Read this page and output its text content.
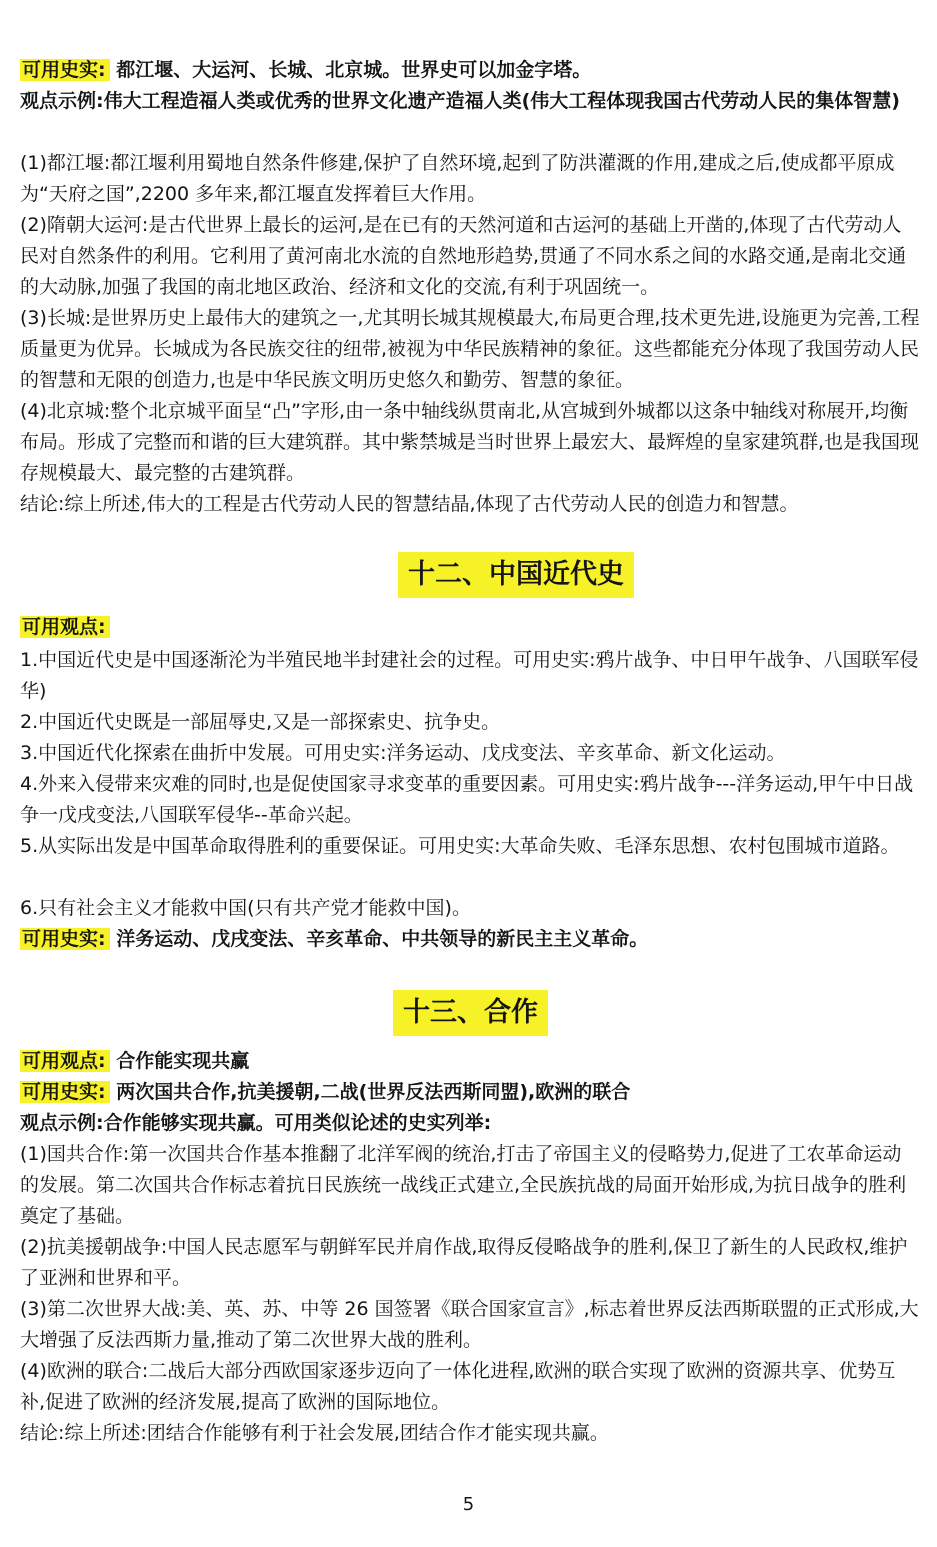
可用史实: 都江堰、大运河、长城、北京城。世界史可以加金字塔。

观点示例:伟大工程造福人类或优秀的世界文化遗产造福人类(伟大工程体现我国古代劳动人民的集体智慧)

(1)都江堰:都江堰利用蜀地自然条件修建,保护了自然环境,起到了防洪灌溉的作用,建成之后,使成都平原成为“天府之国”,2200 多年来,都江堰直发挥着巨大作用。

(2)隋朝大运河:是古代世界上最长的运河,是在已有的天然河道和古运河的基础上开凿的,体现了古代劳动人民对自然条件的利用。它利用了黄河南北水流的自然地形趋势,贯通了不同水系之间的水路交通,是南北交通的大动脉,加强了我国的南北地区政治、经济和文化的交流,有利于巩固统一。

(3)长城:是世界历史上最伟大的建筑之一,尤其明长城其规模最大,布局更合理,技术更先进,设施更为完善,工程质量更为优异。长城成为各民族交往的纽带,被视为中华民族精神的象征。这些都能充分体现了我国劳动人民的智慧和无限的创造力,也是中华民族文明历史悠久和勤劳、智慧的象征。

(4)北京城:整个北京城平面呈“凸”字形,由一条中轴线纵贯南北,从宫城到外城都以这条中轴线对称展开,均衡布局。形成了完整而和谐的巨大建筑群。其中紫禁城是当时世界上最宏大、最辉煌的皇家建筑群,也是我国现存规模最大、最完整的古建筑群。

结论:综上所述,伟大的工程是古代劳动人民的智慧结晶,体现了古代劳动人民的创造力和智慧。

十二、中国近代史

可用观点:

1.中国近代史是中国逐渐沦为半殖民地半封建社会的过程。可用史实:鸦片战争、中日甲午战争、八国联军侵华)

2.中国近代史既是一部屈辱史,又是一部探索史、抗争史。

3.中国近代化探索在曲折中发展。可用史实:洋务运动、戊戌变法、辛亥革命、新文化运动。

4.外来入侵带来灾难的同时,也是促使国家寻求变革的重要因素。可用史实:鸦片战争---洋务运动,甲午中日战争一戊戌变法,八国联军侵华--革命兴起。

5.从实际出发是中国革命取得胜利的重要保证。可用史实:大革命失败、毛泽东思想、农村包围城市道路。

6.只有社会主义才能救中国(只有共产党才能救中国)。

可用史实: 洋务运动、戊戌变法、辛亥革命、中共领导的新民主主义革命。

十三、合作

可用观点: 合作能实现共赢

可用史实: 两次国共合作,抗美援朝,二战(世界反法西斯同盟),欧洲的联合

观点示例:合作能够实现共赢。可用类似论述的史实列举:

(1)国共合作:第一次国共合作基本推翻了北洋军阀的统治,打击了帝国主义的侵略势力,促进了工农革命运动的发展。第二次国共合作标志着抗日民族统一战线正式建立,全民族抗战的局面开始形成,为抗日战争的胜利奠定了基础。

(2)抗美援朝战争:中国人民志愿军与朝鲜军民并肩作战,取得反侵略战争的胜利,保卫了新生的人民政权,维护了亚洲和世界和平。

(3)第二次世界大战:美、英、苏、中等 26 国签署《联合国家宣言》,标志着世界反法西斯联盟的正式形成,大大增强了反法西斯力量,推动了第二次世界大战的胜利。

(4)欧洲的联合:二战后大部分西欧国家逐步迈向了一体化进程,欧洲的联合实现了欧洲的资源共享、优势互补,促进了欧洲的经济发展,提高了欧洲的国际地位。

结论:综上所述:团结合作能够有利于社会发展,团结合作才能实现共赢。

5
